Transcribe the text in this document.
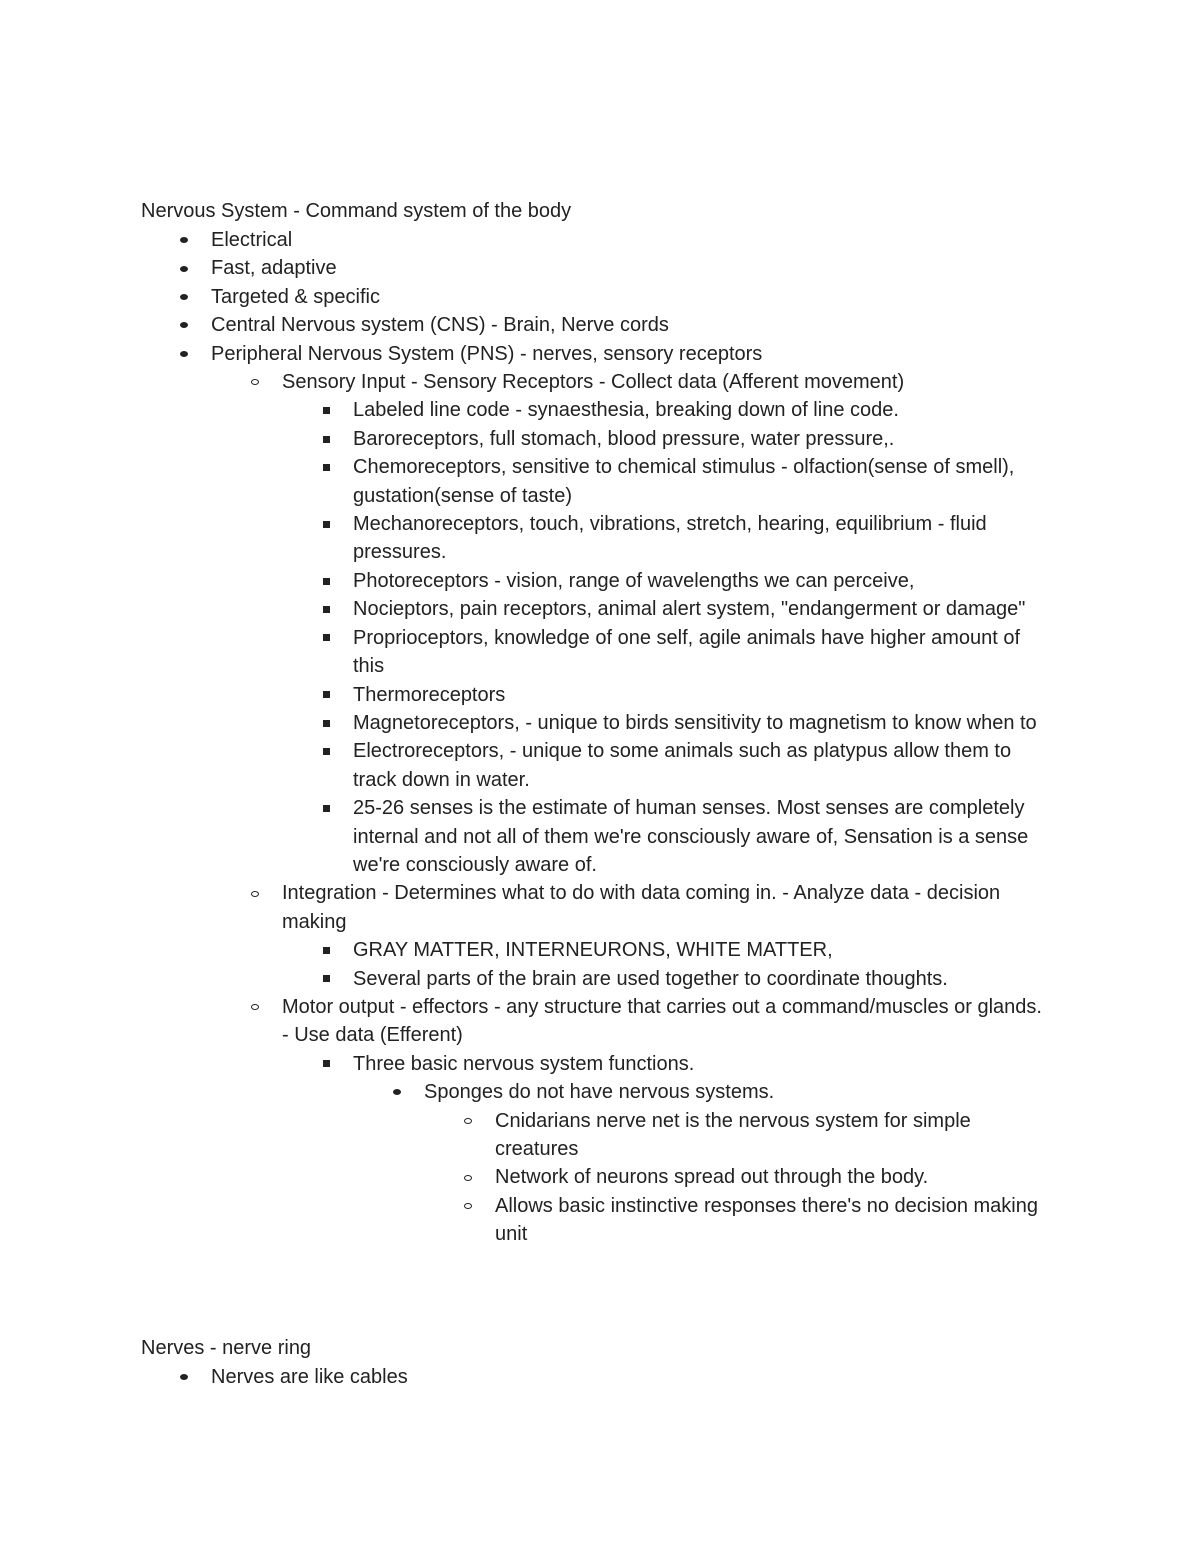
Nervous System - Command system of the body
Electrical
Fast, adaptive
Targeted & specific
Central Nervous system (CNS) - Brain, Nerve cords
Peripheral Nervous System (PNS) - nerves, sensory receptors
Sensory Input - Sensory Receptors - Collect data (Afferent movement)
Labeled line code - synaesthesia, breaking down of line code.
Baroreceptors, full stomach, blood pressure, water pressure,.
Chemoreceptors, sensitive to chemical stimulus - olfaction(sense of smell), gustation(sense of taste)
Mechanoreceptors, touch, vibrations, stretch, hearing, equilibrium - fluid pressures.
Photoreceptors - vision, range of wavelengths we can perceive,
Nocieptors, pain receptors, animal alert system, "endangerment or damage"
Proprioceptors, knowledge of one self, agile animals have higher amount of this
Thermoreceptors
Magnetoreceptors, - unique to birds sensitivity to magnetism to know when to
Electroreceptors, - unique to some animals such as platypus allow them to track down in water.
25-26 senses is the estimate of human senses. Most senses are completely internal and not all of them we're consciously aware of, Sensation is a sense we're consciously aware of.
Integration - Determines what to do with data coming in. - Analyze data - decision making
GRAY MATTER, INTERNEURONS, WHITE MATTER,
Several parts of the brain are used together to coordinate thoughts.
Motor output - effectors - any structure that carries out a command/muscles or glands. - Use data (Efferent)
Three basic nervous system functions.
Sponges do not have nervous systems.
Cnidarians nerve net is the nervous system for simple creatures
Network of neurons spread out through the body.
Allows basic instinctive responses there's no decision making unit
Nerves - nerve ring
Nerves are like cables
